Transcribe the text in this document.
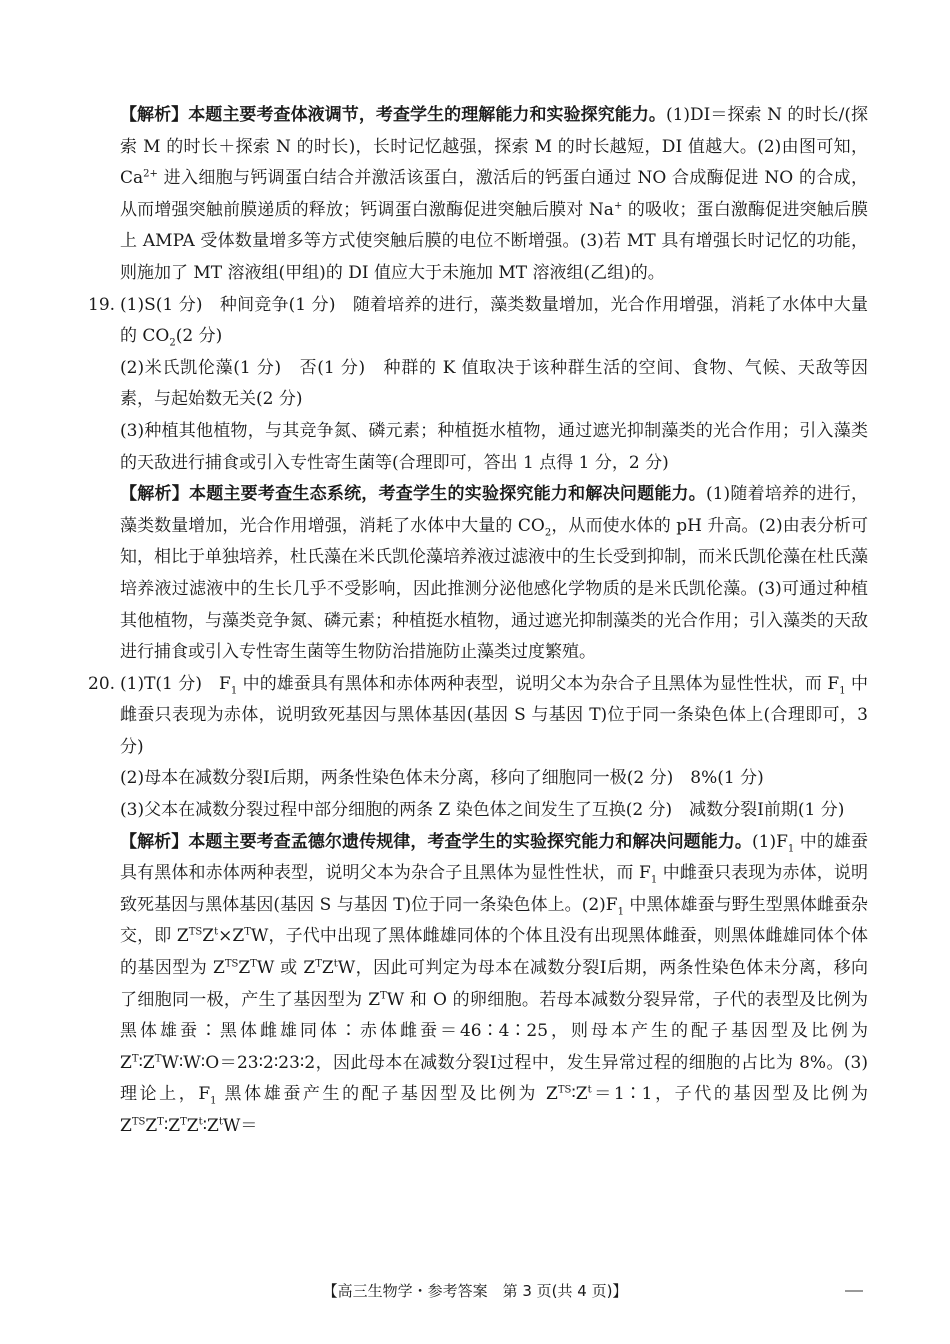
【解析】本题主要考查体液调节，考查学生的理解能力和实验探究能力。(1)DI＝探索 N 的时长/(探索 M 的时长＋探索 N 的时长)，长时记忆越强，探索 M 的时长越短，DI 值越大。(2)由图可知，$Ca^{2+}$ 进入细胞与钙调蛋白结合并激活该蛋白，激活后的钙蛋白通过 NO 合成酶促进 NO 的合成，从而增强突触前膜递质的释放；钙调蛋白激酶促进突触后膜对 Na+ 的吸收；蛋白激酶促进突触后膜上 AMPA 受体数量增多等方式使突触后膜的电位不断增强。(3)若 MT 具有增强长时记忆的功能，则施加了 MT 溶液组(甲组)的 DI 值应大于未施加 MT 溶液组(乙组)的。

19. (1)S(1 分)　种间竞争(1 分)　随着培养的进行，藻类数量增加，光合作用增强，消耗了水体中大量的 $CO_2(2$ 分)
(2)米氏凯伦藻(1 分)　否(1 分)　种群的 K 值取决于该种群生活的空间、食物、气候、天敌等因素，与起始数无关(2 分)
(3)种植其他植物，与其竞争氮、磷元素；种植挺水植物，通过遮光抑制藻类的光合作用；引入藻类的天敌进行捕食或引入专性寄生菌等(合理即可，答出 1 点得 1 分，2 分)

【解析】本题主要考查生态系统，考查学生的实验探究能力和解决问题能力。(1)随着培养的进行，藻类数量增加，光合作用增强，消耗了水体中大量的 $CO_2$，从而使水体的 pH 升高。(2)由表分析可知，相比于单独培养，杜氏藻在米氏凯伦藻培养液过滤液中的生长受到抑制，而米氏凯伦藻在杜氏藻培养液过滤液中的生长几乎不受影响，因此推测分泌他感化学物质的是米氏凯伦藻。(3)可通过种植其他植物，与藻类竞争氮、磷元素；种植挺水植物，通过遮光抑制藻类的光合作用；引入藻类的天敌进行捕食或引入专性寄生菌等生物防治措施防止藻类过度繁殖。

20. (1)T(1 分)　$F_1$ 中的雄蚕具有黑体和赤体两种表型，说明父本为杂合子且黑体为显性性状，而 $F_1$ 中雌蚕只表现为赤体，说明致死基因与黑体基因(基因 S 与基因 T)位于同一条染色体上(合理即可，3 分)
(2)母本在减数分裂Ⅰ后期，两条性染色体未分离，移向了细胞同一极(2 分)　8%(1 分)
(3)父本在减数分裂过程中部分细胞的两条 Z 染色体之间发生了互换(2 分)　减数分裂Ⅰ前期(1 分)

【解析】本题主要考查孟德尔遗传规律，考查学生的实验探究能力和解决问题能力。$(1)F_1$ 中的雄蚕具有黑体和赤体两种表型，说明父本为杂合子且黑体为显性性状，而 $F_1$ 中雌蚕只表现为赤体，说明致死基因与黑体基因(基因 S 与基因 T)位于同一条染色体上。$(2)F_1$ 中黑体雄蚕与野生型黑体雌蚕杂交，即 $Z^{TS}Z^t\times Z^TW$，子代中出现了黑体雌雄同体的个体且没有出现黑体雌蚕，则黑体雌雄同体个体的基因型为 $Z^{TS}Z^TW$ 或 $Z^TZ^tW$，因此可判定为母本在减数分裂Ⅰ后期，两条性染色体未分离，移向了细胞同一极，产生了基因型为 $Z^TW$ 和 O 的卵细胞。若母本减数分裂异常，子代的表型及比例为黑体雄蚕∶黑体雌雄同体∶赤体雌蚕＝46∶4∶25，则母本产生的配子基因型及比例为 $Z^T∶Z^TW∶W∶O=23∶2∶23∶2$，因此母本在减数分裂Ⅰ过程中，发生异常过程的细胞的占比为 8%。(3)理论上，$F_1$ 黑体雄蚕产生的配子基因型及比例为 $Z^{TS}∶Z^t=1∶1$，子代的基因型及比例为 $Z^{TS}Z^T∶Z^TZ^t∶Z^tW=$

【高三生物学・参考答案　第 3 页(共 4 页)】
